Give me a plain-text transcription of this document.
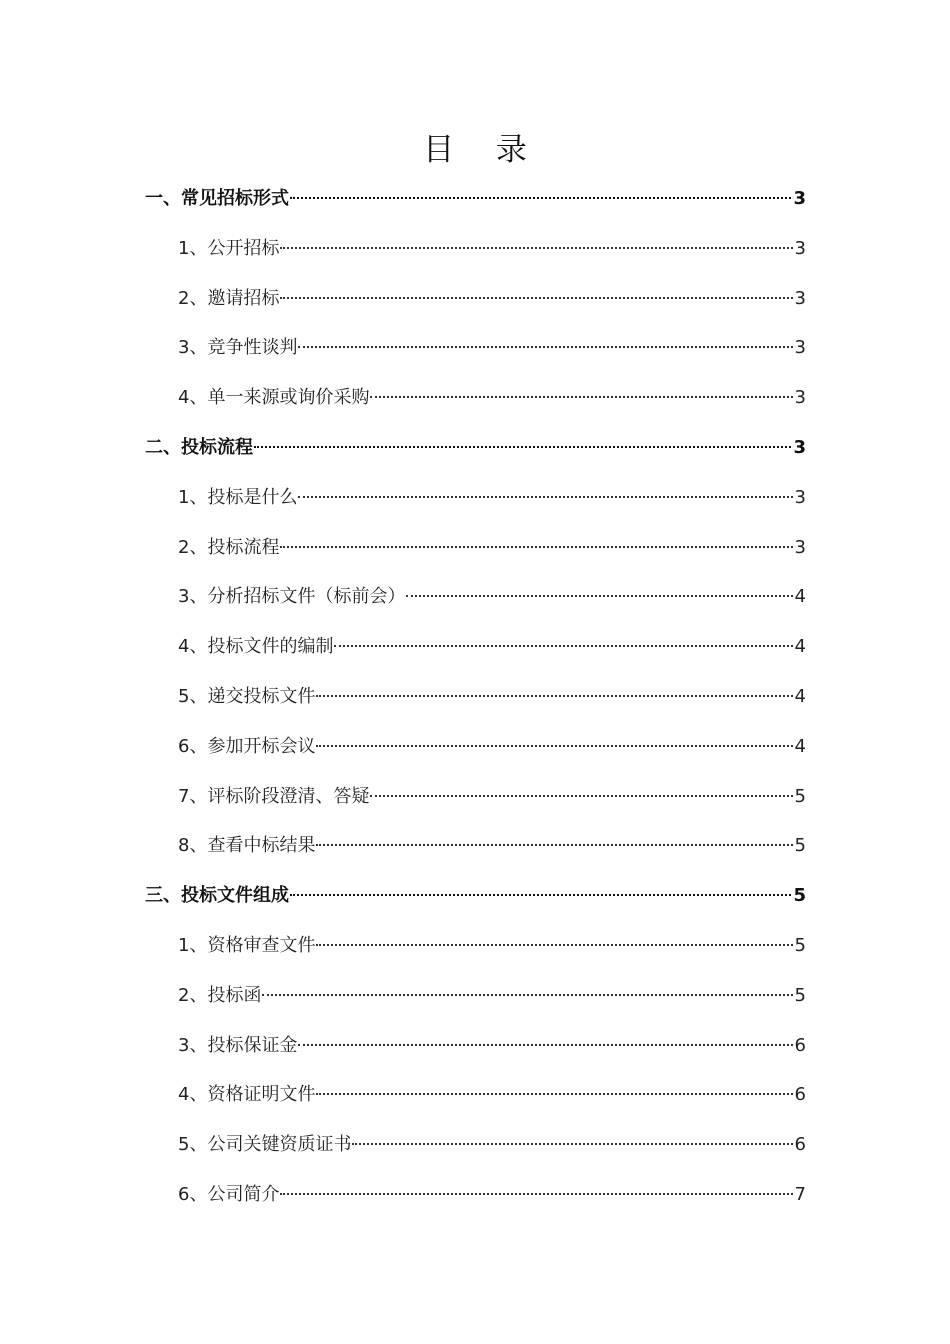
目 录
一、常见招标形式	3
1、公开招标	3
2、邀请招标	3
3、竞争性谈判	3
4、单一来源或询价采购	3
二、投标流程	3
1、投标是什么	3
2、投标流程	3
3、分析招标文件（标前会）	4
4、投标文件的编制	4
5、递交投标文件	4
6、参加开标会议	4
7、评标阶段澄清、答疑	5
8、查看中标结果	5
三、投标文件组成	5
1、资格审查文件	5
2、投标函	5
3、投标保证金	6
4、资格证明文件	6
5、公司关键资质证书	6
6、公司简介	7
